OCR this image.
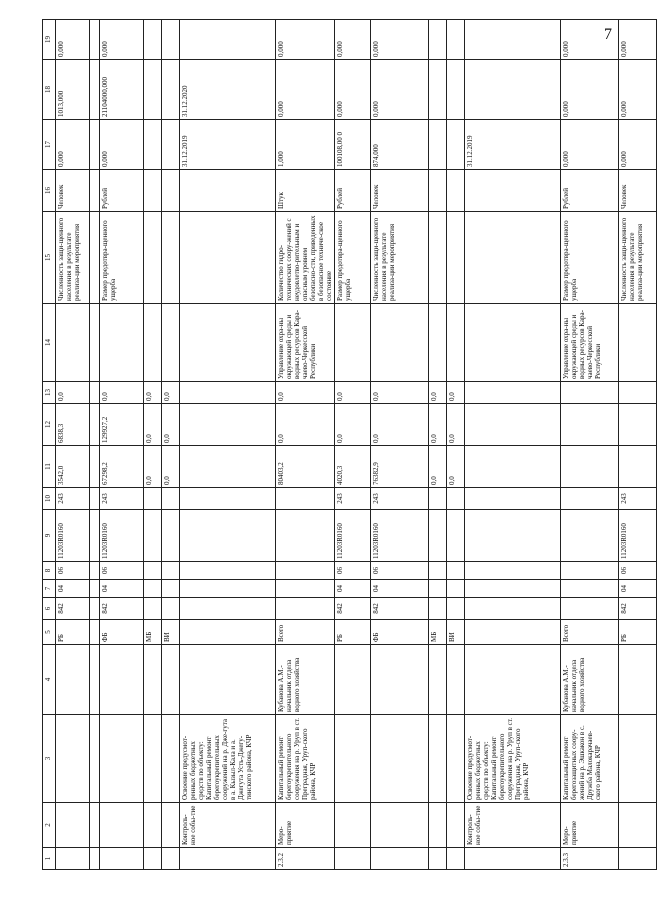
7
1	2	3	4	5	6	7	8	9	10	11	12	13	14	15	16	17	18	19
				РБ	842	04	06	11203R0160	243	3542,0	6838,3	0,0		Численность защи-щенного населения в результате реализа-ции мероприятия	Человек	0,000	1013,000	0,000

				ФБ	842	04	06	11203R0160	243	67298,2	129927,2	0,0		Размер предотвра-щенного ущерба	Рублей	0,000	21104000,000	0,000
				МБ						0,0	0,0	0,0						
				ВИ						0,0	0,0	0,0						
	Контроль-ное собы-тие	Освоение предусмот-ренных бюджетных средств по объекту: Капитальный ремонт берегоукрепительных сооружений на р. Дже-гута в а. Кызыл-Кала и а. Джегута Усть-Джегу-тинского района, КЧР														31.12.2019	31.12.2020	
2.3.2	Меро-приятие	Капитальный ремонт берегоукрепительного сооружения на р. Уруп в ст. Преградная, Уруп-ского района, КЧР	Кубанова А.М.-начальник отдела водного хозяйства	Всего						80403,2	0,0	0,0	Управление охра-ны окружающей среды и водных ресурсов Кара-чаево-Черкесской Республики	Количество гидро-технических соору-жений с неудовлетво-рительным и опасным уровнем безопасно-сти, приведенных в безопасное техниче-ское состояние	Штук	1,000	0,000	0,000
				РБ	842	04	06	11203R0160	243	4020,3	0,0	0,0		Размер предотвра-щенного ущерба	Рублей	100108,00 0	0,000	0,000
				ФБ	842	04	06	11203R0160	243	76382,9	0,0	0,0		Численность защи-щенного населения в результате реализа-ции мероприятия	Человек	874,000	0,000	0,000
				МБ						0,0	0,0	0,0						
				ВИ						0,0	0,0	0,0						
	Контроль-ное собы-тие	Освоение предусмот-ренных бюджетных средств по объекту: Капитальный ремонт берегоукрепительного сооружения на р. Уруп в ст. Преградная, Уруп-ского района, КЧР														31.12.2019		
2.3.3	Меро-приятие	Капитальный ремонт берегозащитных соору-жений на р. Эшкакон в с. Дружба Малокарачаев-ского района, КЧР	Кубанова А.М.-начальник отдела водного хозяйства	Всего									Управление охра-ны окружающей среды и водных ресурсов Кара-чаево-Черкесской Республики	Размер предотвра-щенного ущерба	Рублей	0,000	0,000	0,000
				РБ	842	04	06	11203R0160	243					Численность защи-щенного населения в результате реализа-ции мероприятия	Человек	0,000	0,000	0,000
